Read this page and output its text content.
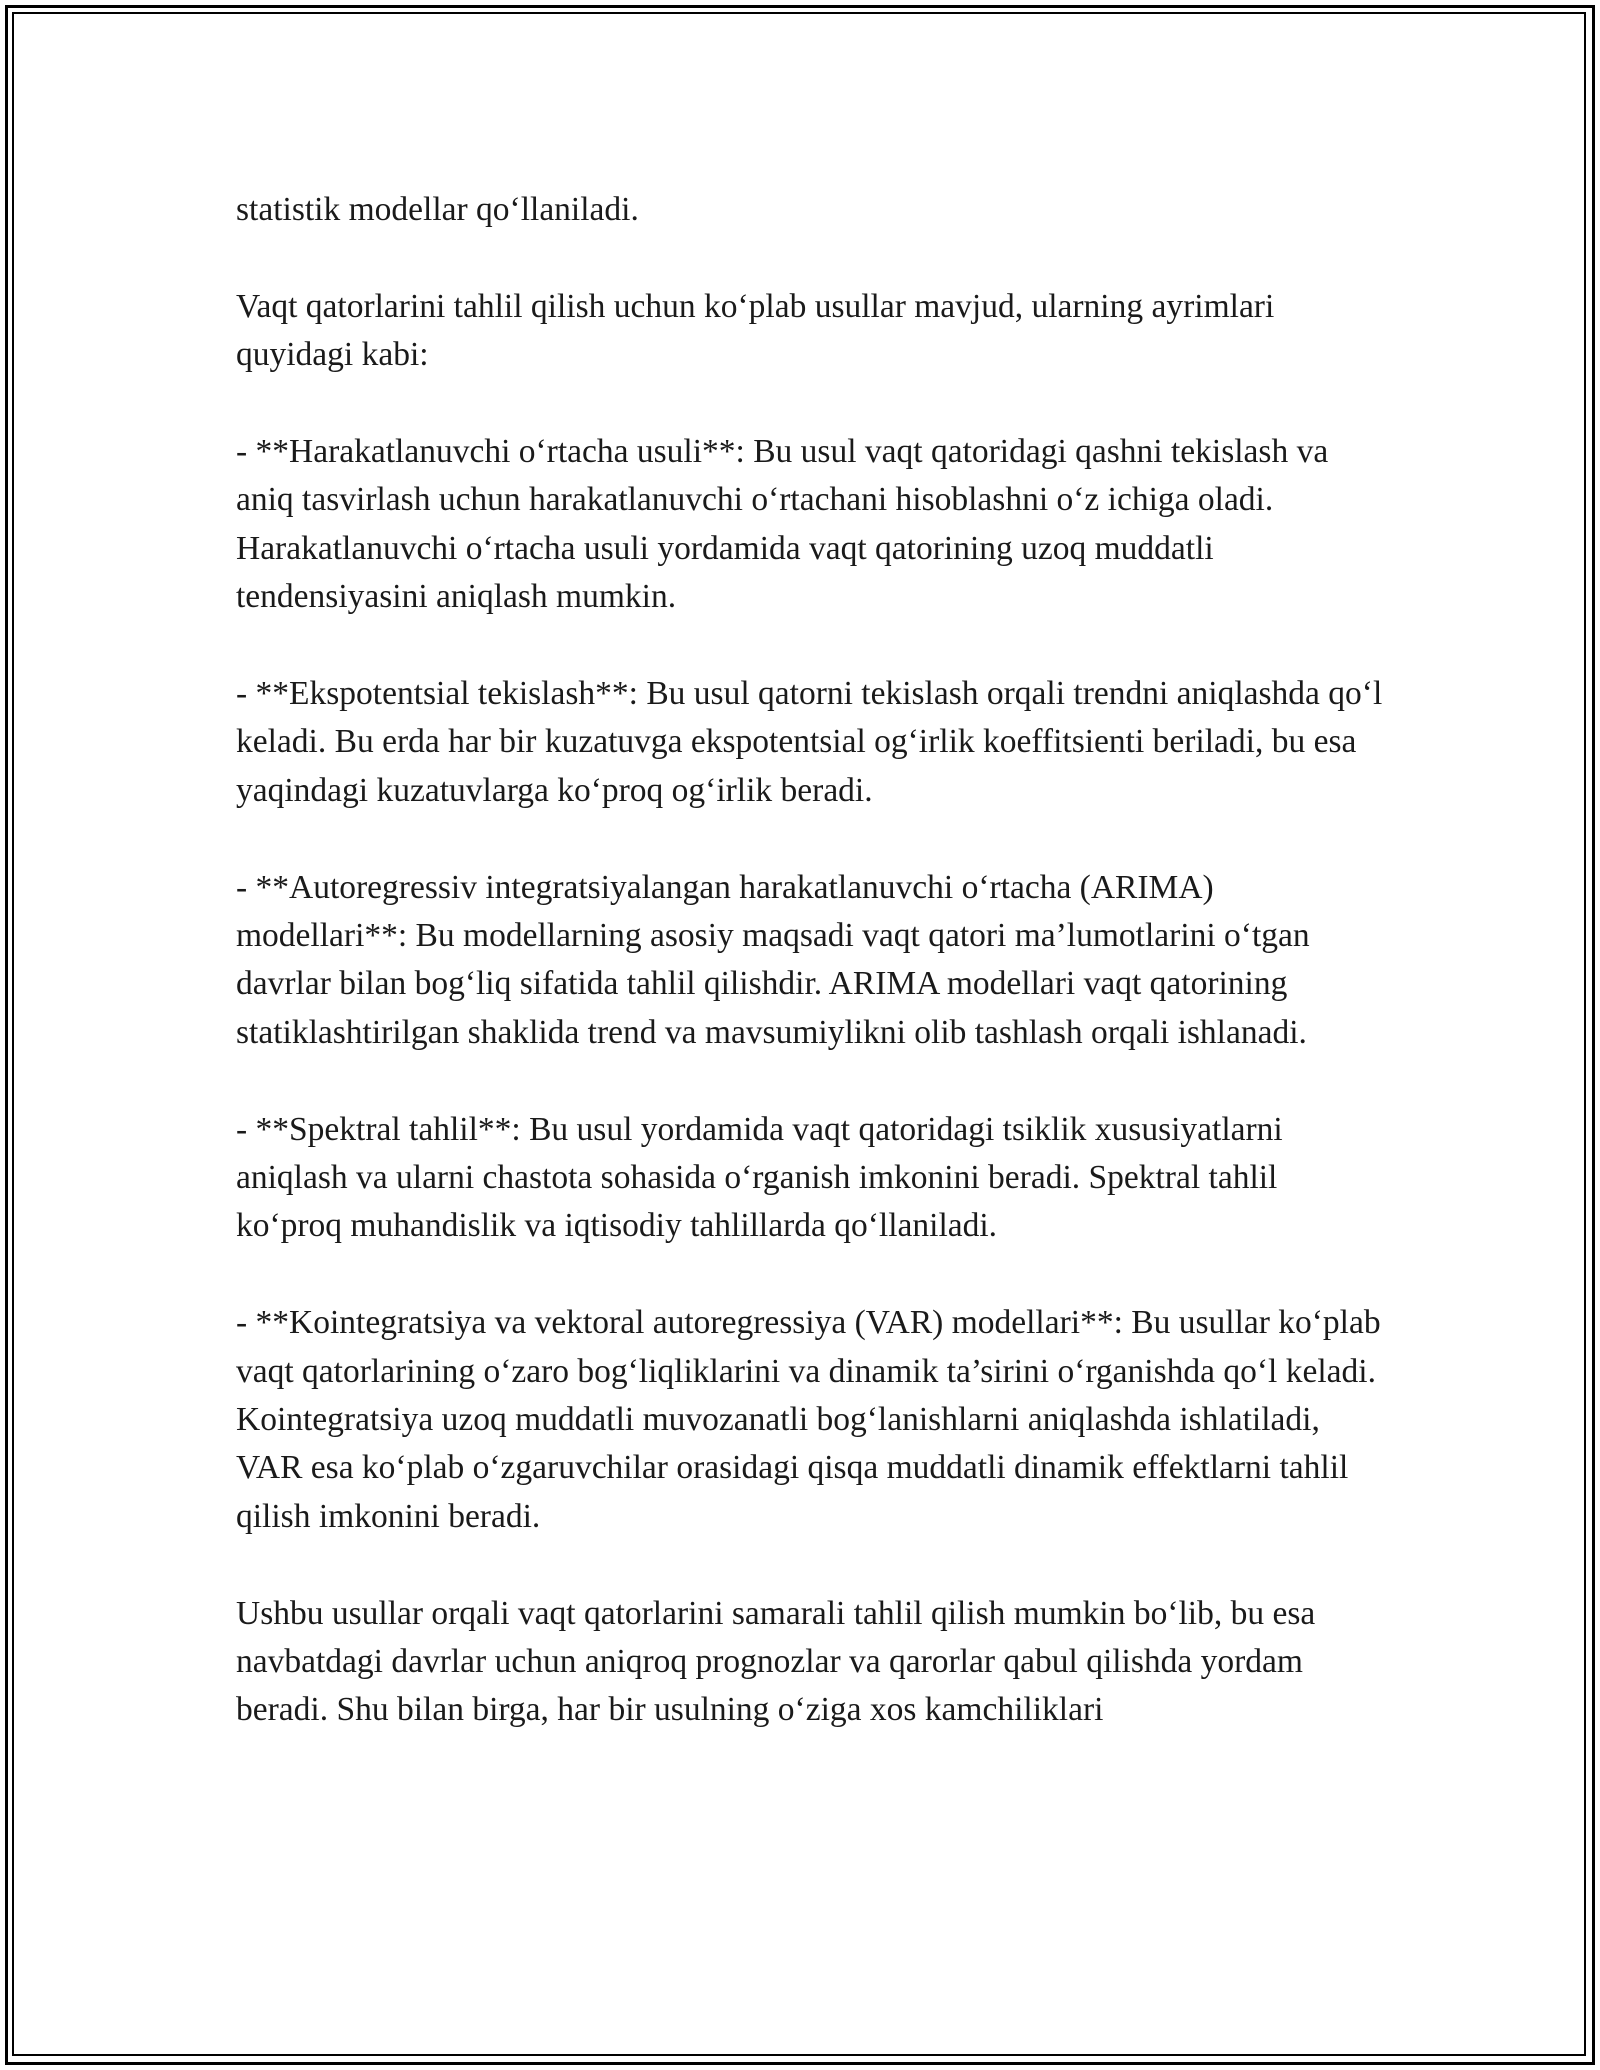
statistik modellar qo‘llaniladi.

Vaqt qatorlarini tahlil qilish uchun ko‘plab usullar mavjud, ularning ayrimlari quyidagi kabi:

- **Harakatlanuvchi o‘rtacha usuli**: Bu usul vaqt qatoridagi qashni tekislash va aniq tasvirlash uchun harakatlanuvchi o‘rtachani hisoblashni o‘z ichiga oladi. Harakatlanuvchi o‘rtacha usuli yordamida vaqt qatorining uzoq muddatli tendensiyasini aniqlash mumkin.

- **Ekspotentsial tekislash**: Bu usul qatorni tekislash orqali trendni aniqlashda qo‘l keladi. Bu erda har bir kuzatuvga ekspotentsial og‘irlik koeffitsienti beriladi, bu esa yaqindagi kuzatuvlarga ko‘proq og‘irlik beradi.

- **Autoregressiv integratsiyalangan harakatlanuvchi o‘rtacha (ARIMA) modellari**: Bu modellarning asosiy maqsadi vaqt qatori ma’lumotlarini o‘tgan davrlar bilan bog‘liq sifatida tahlil qilishdir. ARIMA modellari vaqt qatorining statiklashtirilgan shaklida trend va mavsumiylikni olib tashlash orqali ishlanadi.

- **Spektral tahlil**: Bu usul yordamida vaqt qatoridagi tsiklik xususiyatlarni aniqlash va ularni chastota sohasida o‘rganish imkonini beradi. Spektral tahlil ko‘proq muhandislik va iqtisodiy tahlillarda qo‘llaniladi.

- **Kointegratsiya va vektoral autoregressiya (VAR) modellari**: Bu usullar ko‘plab vaqt qatorlarining o‘zaro bog‘liqliklarini va dinamik ta’sirini o‘rganishda qo‘l keladi. Kointegratsiya uzoq muddatli muvozanatli bog‘lanishlarni aniqlashda ishlatiladi, VAR esa ko‘plab o‘zgaruvchilar orasidagi qisqa muddatli dinamik effektlarni tahlil qilish imkonini beradi.

Ushbu usullar orqali vaqt qatorlarini samarali tahlil qilish mumkin bo‘lib, bu esa navbatdagi davrlar uchun aniqroq prognozlar va qarorlar qabul qilishda yordam beradi. Shu bilan birga, har bir usulning o‘ziga xos kamchiliklari
